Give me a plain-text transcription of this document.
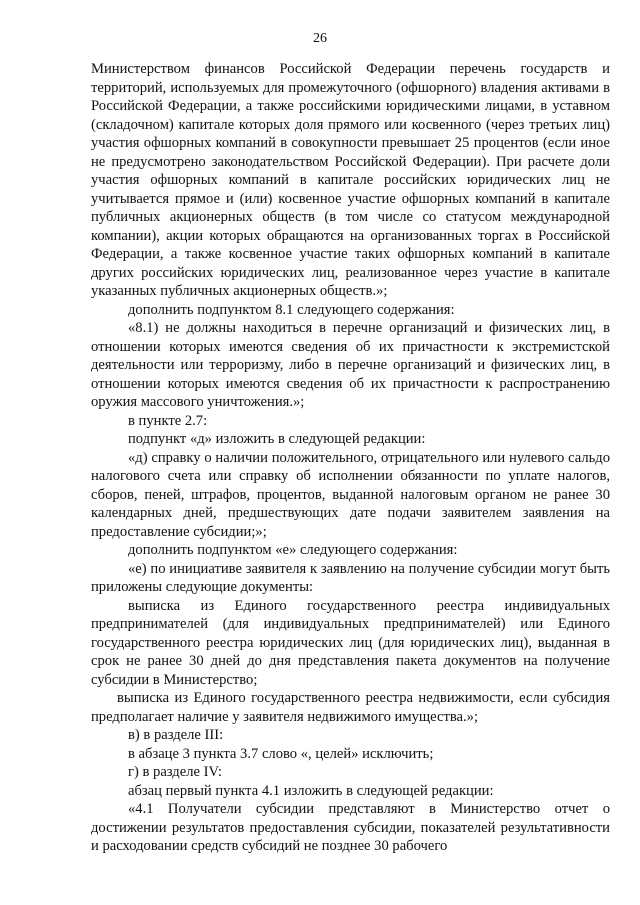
26

Министерством финансов Российской Федерации перечень государств и территорий, используемых для промежуточного (офшорного) владения активами в Российской Федерации, а также российскими юридическими лицами, в уставном (складочном) капитале которых доля прямого или косвенного (через третьих лиц) участия офшорных компаний в совокупности превышает 25 процентов (если иное не предусмотрено законодательством Российской Федерации). При расчете доли участия офшорных компаний в капитале российских юридических лиц не учитывается прямое и (или) косвенное участие офшорных компаний в капитале публичных акционерных обществ (в том числе со статусом международной компании), акции которых обращаются на организованных торгах в Российской Федерации, а также косвенное участие таких офшорных компаний в капитале других российских юридических лиц, реализованное через участие в капитале указанных публичных акционерных обществ.»;

дополнить подпунктом 8.1 следующего содержания:

«8.1) не должны находиться в перечне организаций и физических лиц, в отношении которых имеются сведения об их причастности к экстремистской деятельности или терроризму, либо в перечне организаций и физических лиц, в отношении которых имеются сведения об их причастности к распространению оружия массового уничтожения.»;

в пункте 2.7:

подпункт «д» изложить в следующей редакции:

«д) справку о наличии положительного, отрицательного или нулевого сальдо налогового счета или справку об исполнении обязанности по уплате налогов, сборов, пеней, штрафов, процентов, выданной налоговым органом не ранее 30 календарных дней, предшествующих дате подачи заявителем заявления на предоставление субсидии;»;

дополнить подпунктом «е» следующего содержания:

«е) по инициативе заявителя к заявлению на получение субсидии могут быть приложены следующие документы:

выписка из Единого государственного реестра индивидуальных предпринимателей (для индивидуальных предпринимателей) или Единого государственного реестра юридических лиц (для юридических лиц), выданная в срок не ранее 30 дней до дня представления пакета документов на получение субсидии в Министерство;

выписка из Единого государственного реестра недвижимости, если субсидия предполагает наличие у заявителя недвижимого имущества.»;

в) в разделе III:

в абзаце 3 пункта 3.7 слово «, целей» исключить;

г) в разделе IV:

абзац первый пункта 4.1 изложить в следующей редакции:

«4.1 Получатели субсидии представляют в Министерство отчет о достижении результатов предоставления субсидии, показателей результативности и расходовании средств субсидий не позднее 30 рабочего
